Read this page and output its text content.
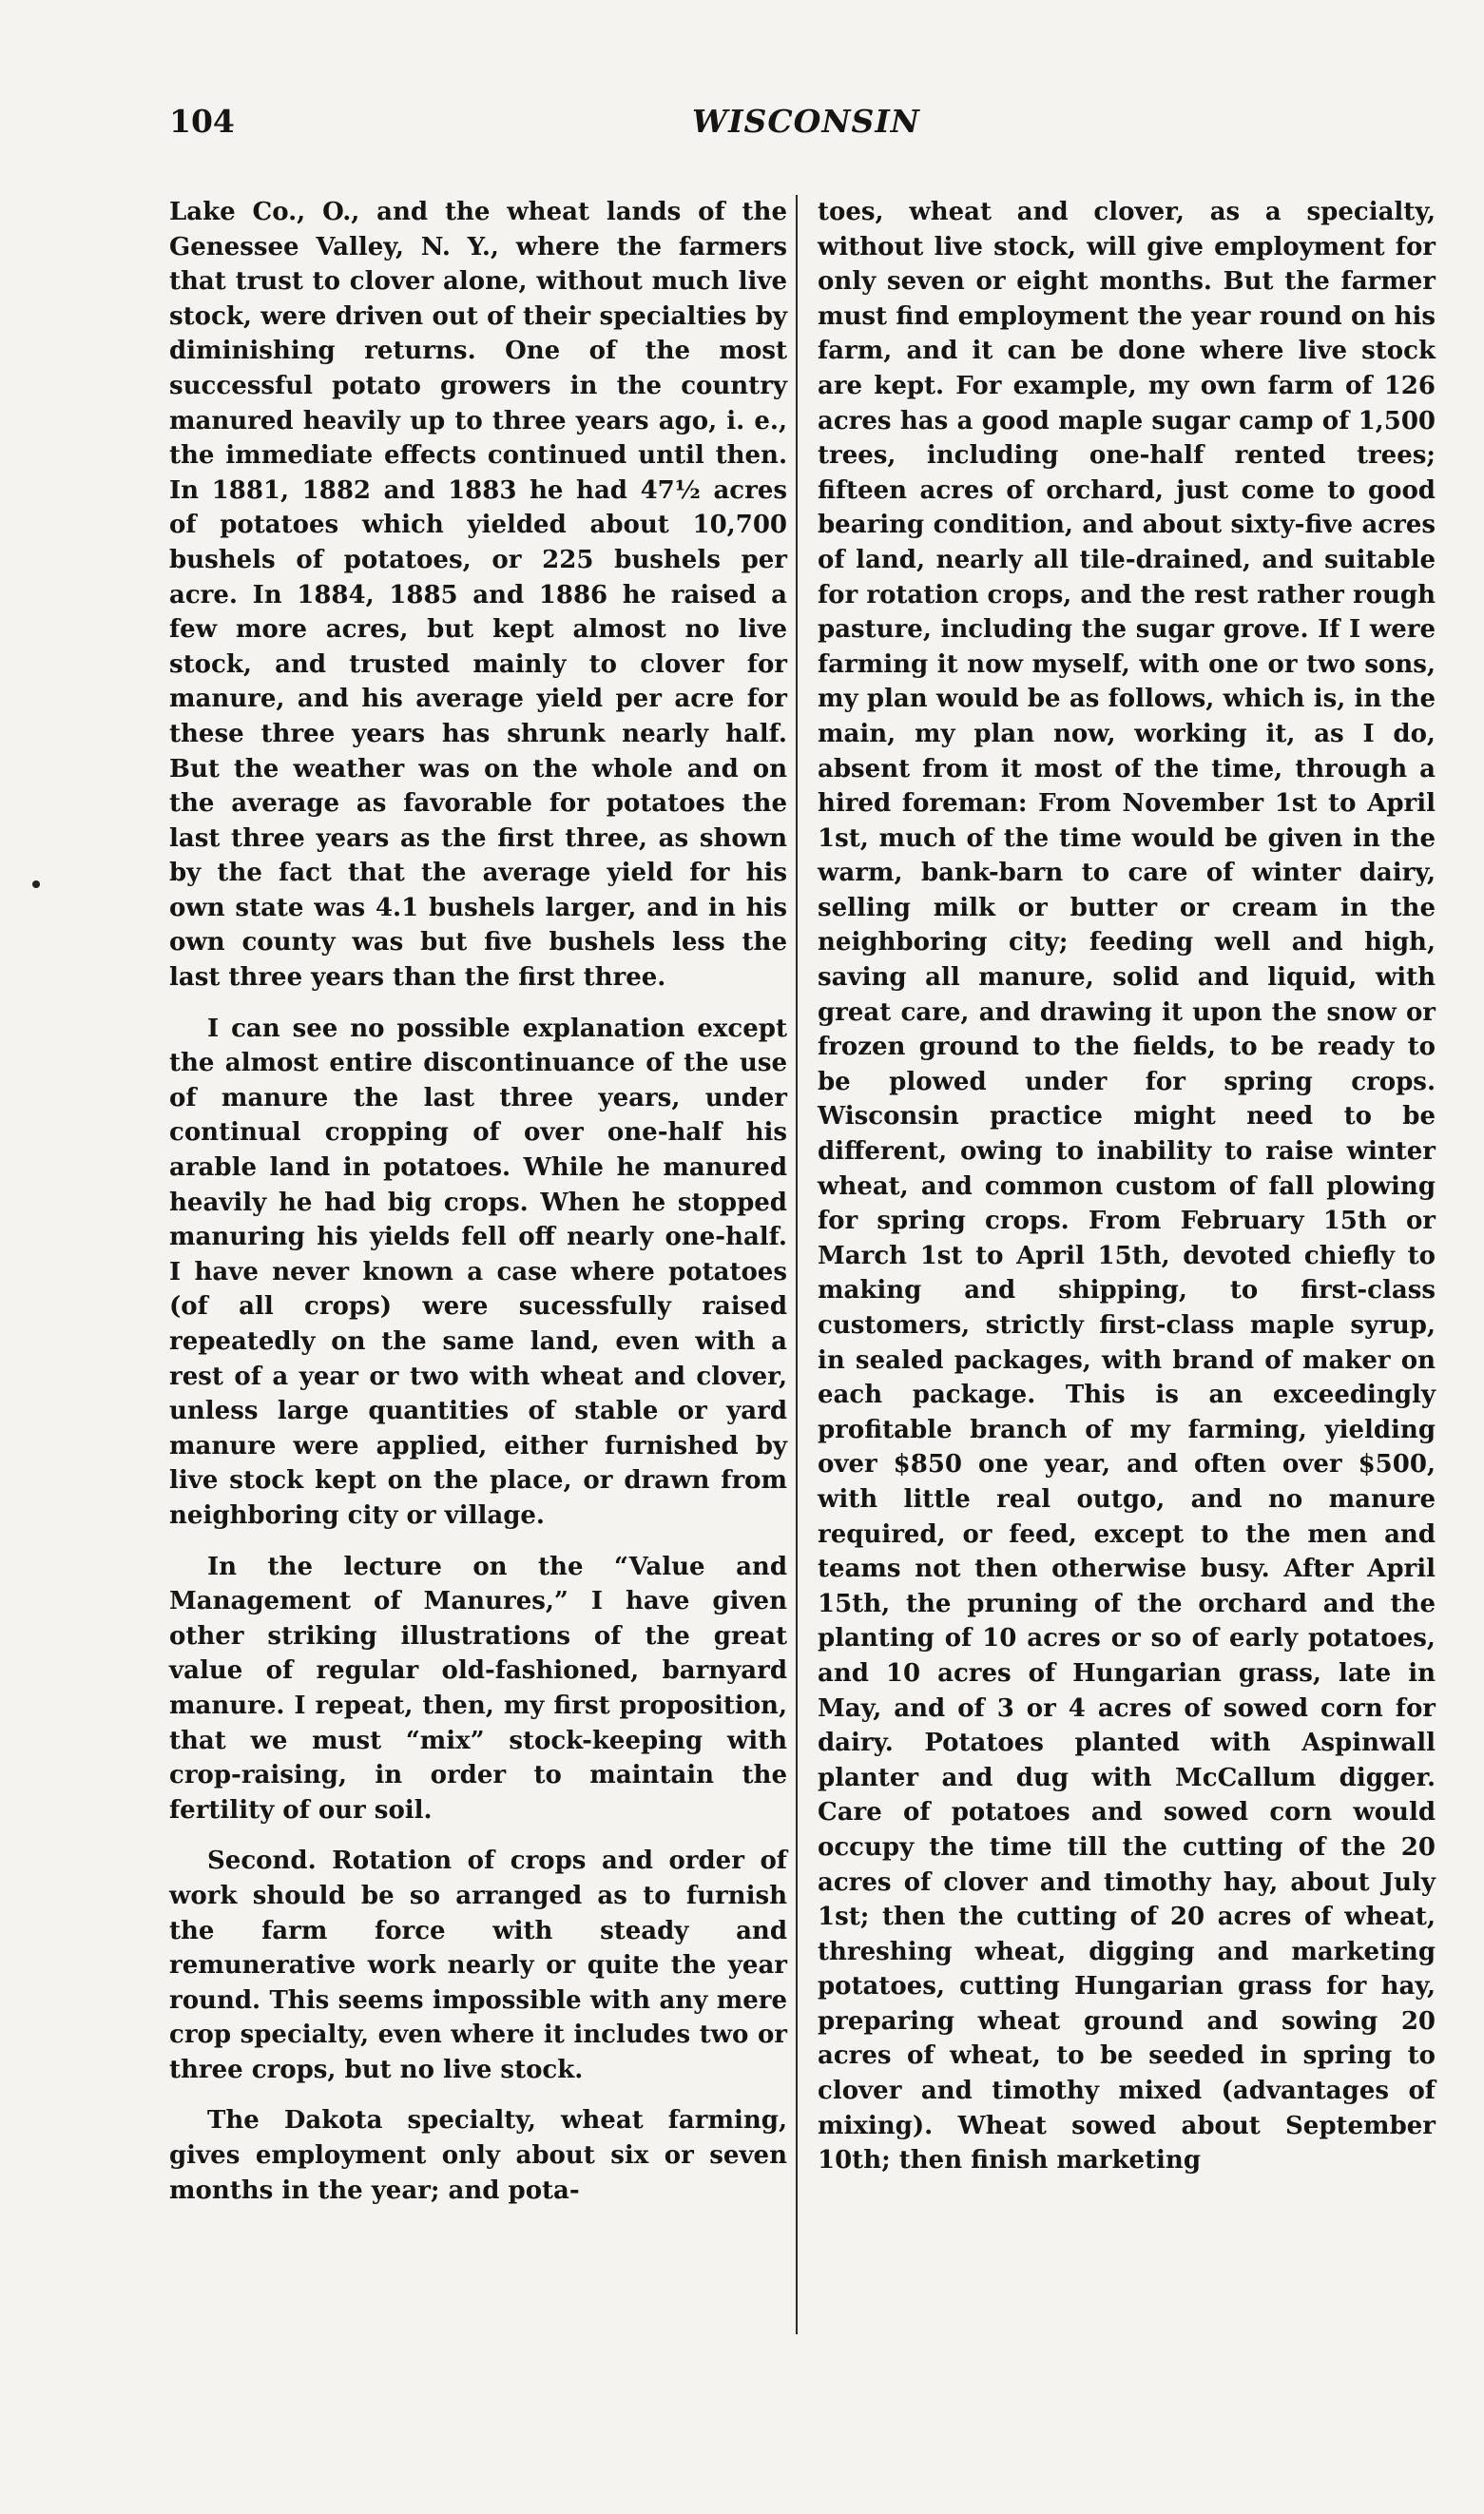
104	WISCONSIN

Lake Co., O., and the wheat lands of the Genessee Valley, N. Y., where the farmers that trust to clover alone, without much live stock, were driven out of their specialties by diminishing returns. One of the most successful potato growers in the country manured heavily up to three years ago, i. e., the immediate effects continued until then. In 1881, 1882 and 1883 he had 47½ acres of potatoes which yielded about 10,700 bushels of potatoes, or 225 bushels per acre. In 1884, 1885 and 1886 he raised a few more acres, but kept almost no live stock, and trusted mainly to clover for manure, and his average yield per acre for these three years has shrunk nearly half. But the weather was on the whole and on the average as favorable for potatoes the last three years as the first three, as shown by the fact that the average yield for his own state was 4.1 bushels larger, and in his own county was but five bushels less the last three years than the first three.

I can see no possible explanation except the almost entire discontinuance of the use of manure the last three years, under continual cropping of over one-half his arable land in potatoes. While he manured heavily he had big crops. When he stopped manuring his yields fell off nearly one-half. I have never known a case where potatoes (of all crops) were sucessfully raised repeatedly on the same land, even with a rest of a year or two with wheat and clover, unless large quantities of stable or yard manure were applied, either furnished by live stock kept on the place, or drawn from neighboring city or village.

In the lecture on the “Value and Management of Manures,” I have given other striking illustrations of the great value of regular old-fashioned, barnyard manure. I repeat, then, my first proposition, that we must “mix” stock-keeping with crop-raising, in order to maintain the fertility of our soil.

Second. Rotation of crops and order of work should be so arranged as to furnish the farm force with steady and remunerative work nearly or quite the year round. This seems impossible with any mere crop specialty, even where it includes two or three crops, but no live stock.

The Dakota specialty, wheat farming, gives employment only about six or seven months in the year; and pota-

toes, wheat and clover, as a specialty, without live stock, will give employment for only seven or eight months. But the farmer must find employment the year round on his farm, and it can be done where live stock are kept. For example, my own farm of 126 acres has a good maple sugar camp of 1,500 trees, including one-half rented trees; fifteen acres of orchard, just come to good bearing condition, and about sixty-five acres of land, nearly all tile-drained, and suitable for rotation crops, and the rest rather rough pasture, including the sugar grove. If I were farming it now myself, with one or two sons, my plan would be as follows, which is, in the main, my plan now, working it, as I do, absent from it most of the time, through a hired foreman: From November 1st to April 1st, much of the time would be given in the warm, bank-barn to care of winter dairy, selling milk or butter or cream in the neighboring city; feeding well and high, saving all manure, solid and liquid, with great care, and drawing it upon the snow or frozen ground to the fields, to be ready to be plowed under for spring crops. Wisconsin practice might need to be different, owing to inability to raise winter wheat, and common custom of fall plowing for spring crops. From February 15th or March 1st to April 15th, devoted chiefly to making and shipping, to first-class customers, strictly first-class maple syrup, in sealed packages, with brand of maker on each package. This is an exceedingly profitable branch of my farming, yielding over $850 one year, and often over $500, with little real outgo, and no manure required, or feed, except to the men and teams not then otherwise busy. After April 15th, the pruning of the orchard and the planting of 10 acres or so of early potatoes, and 10 acres of Hungarian grass, late in May, and of 3 or 4 acres of sowed corn for dairy. Potatoes planted with Aspinwall planter and dug with McCallum digger. Care of potatoes and sowed corn would occupy the time till the cutting of the 20 acres of clover and timothy hay, about July 1st; then the cutting of 20 acres of wheat, threshing wheat, digging and marketing potatoes, cutting Hungarian grass for hay, preparing wheat ground and sowing 20 acres of wheat, to be seeded in spring to clover and timothy mixed (advantages of mixing). Wheat sowed about September 10th; then finish marketing
